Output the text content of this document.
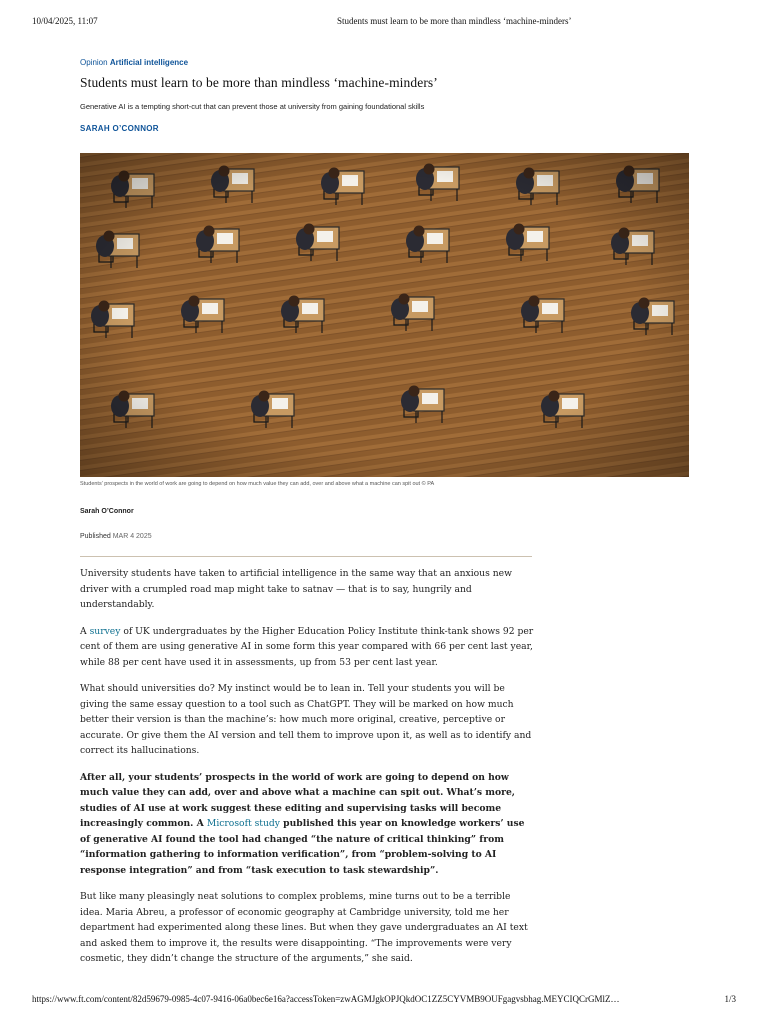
10/04/2025, 11:07	Students must learn to be more than mindless ‘machine-minders’
Opinion Artificial intelligence
Students must learn to be more than mindless ‘machine-minders’
Generative AI is a tempting short-cut that can prevent those at university from gaining foundational skills
SARAH O’CONNOR
Students’ prospects in the world of work are going to depend on how much value they can add, over and above what a machine can spit out © PA
Sarah O’Connor
Published MAR 4 2025

University students have taken to artificial intelligence in the same way that an anxious new driver with a crumpled road map might take to satnav — that is to say, hungrily and understandably.

A survey of UK undergraduates by the Higher Education Policy Institute think-tank shows 92 per cent of them are using generative AI in some form this year compared with 66 per cent last year, while 88 per cent have used it in assessments, up from 53 per cent last year.

What should universities do? My instinct would be to lean in. Tell your students you will be giving the same essay question to a tool such as ChatGPT. They will be marked on how much better their version is than the machine’s: how much more original, creative, perceptive or accurate. Or give them the AI version and tell them to improve upon it, as well as to identify and correct its hallucinations.

After all, your students’ prospects in the world of work are going to depend on how much value they can add, over and above what a machine can spit out. What’s more, studies of AI use at work suggest these editing and supervising tasks will become increasingly common. A Microsoft study published this year on knowledge workers’ use of generative AI found the tool had changed “the nature of critical thinking” from “information gathering to information verification”, from “problem-solving to AI response integration” and from “task execution to task stewardship”.

But like many pleasingly neat solutions to complex problems, mine turns out to be a terrible idea. Maria Abreu, a professor of economic geography at Cambridge university, told me her department had experimented along these lines. But when they gave undergraduates an AI text and asked them to improve it, the results were disappointing. “The improvements were very cosmetic, they didn’t change the structure of the arguments,” she said.

https://www.ft.com/content/82d59679-0985-4c07-9416-06a0bec6e16a?accessToken=zwAGMJgkOPJQkdOC1ZZ5CYVMB9OUFgagvsbhag.MEYCIQCrGMlZ…	1/3
